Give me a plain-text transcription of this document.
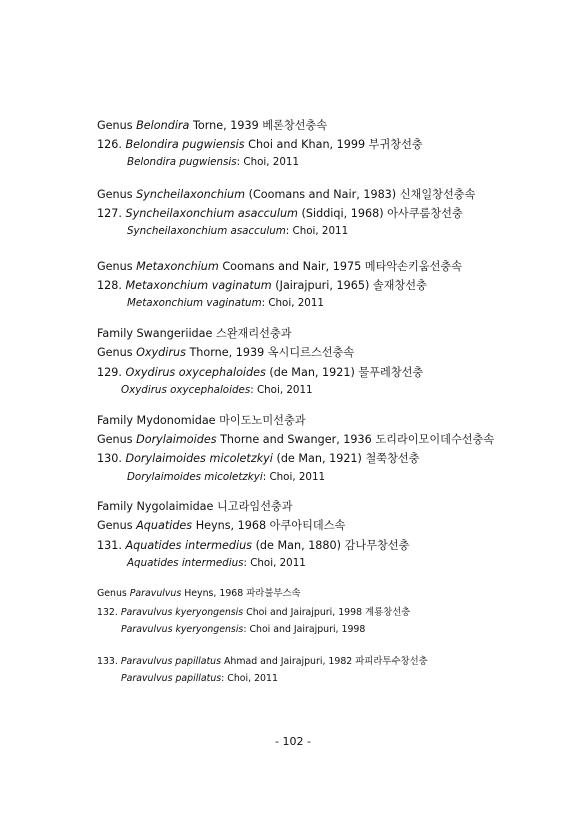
Genus Belondira Torne, 1939 베론창선충속
126. Belondira pugwiensis Choi and Khan, 1999 부귀창선충
Belondira pugwiensis: Choi, 2011
Genus Syncheilaxonchium (Coomans and Nair, 1983) 신채일창선충속
127. Syncheilaxonchium asacculum (Siddiqi, 1968) 아사쿠룸창선충
Syncheilaxonchium asacculum: Choi, 2011
Genus Metaxonchium Coomans and Nair, 1975 메타악손키움선충속
128. Metaxonchium vaginatum (Jairajpuri, 1965) 솔재창선충
Metaxonchium vaginatum: Choi, 2011
Family Swangeriidae 스완재리선충과
Genus Oxydirus Thorne, 1939 옥시디르스선충속
129. Oxydirus oxycephaloides (de Man, 1921) 물푸레창선충
Oxydirus oxycephaloides: Choi, 2011
Family Mydonomidae 마이도노미선충과
Genus Dorylaimoides Thorne and Swanger, 1936 도리라이모이데수선충속
130. Dorylaimoides micoletzkyi (de Man, 1921) 철쭉창선충
Dorylaimoides micoletzkyi: Choi, 2011
Family Nygolaimidae 니고라임선충과
Genus Aquatides Heyns, 1968 아쿠아티데스속
131. Aquatides intermedius (de Man, 1880) 감나무창선충
Aquatides intermedius: Choi, 2011
Genus Paravulvus Heyns, 1968 파라불부스속
132. Paravulvus kyeryongensis Choi and Jairajpuri, 1998 계룡창선충
Paravulvus kyeryongensis: Choi and Jairajpuri, 1998
133. Paravulvus papillatus Ahmad and Jairajpuri, 1982 파피라투수창선충
Paravulvus papillatus: Choi, 2011
- 102 -
